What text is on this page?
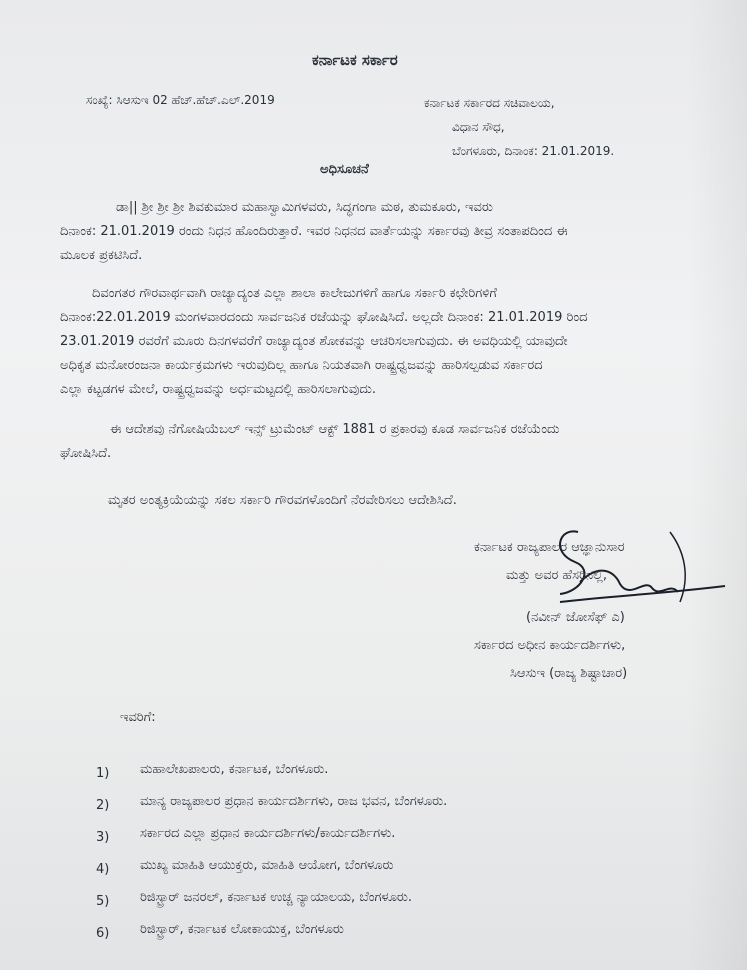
ಕರ್ನಾಟಕ ಸರ್ಕಾರ
ಸಂಖ್ಯೆ: ಸಿಆಸುಇ 02 ಹೆಚ್.ಹೆಚ್.ಎಲ್.2019	ಕರ್ನಾಟಕ ಸರ್ಕಾರದ ಸಚಿವಾಲಯ,
ವಿಧಾನ ಸೌಧ,
ಬೆಂಗಳೂರು, ದಿನಾಂಕ: 21.01.2019.
ಅಧಿಸೂಚನೆ
ಡಾ|| ಶ್ರೀ ಶ್ರೀ ಶ್ರೀ ಶಿವಕುಮಾರ ಮಹಾಸ್ವಾಮಿಗಳವರು, ಸಿದ್ಧಗಂಗಾ ಮಠ, ತುಮಕೂರು, ಇವರು
ದಿನಾಂಕ: 21.01.2019 ರಂದು ನಿಧನ ಹೊಂದಿರುತ್ತಾರೆ. ಇವರ ನಿಧನದ ವಾರ್ತೆಯನ್ನು ಸರ್ಕಾರವು ತೀವ್ರ ಸಂತಾಪದಿಂದ ಈ
ಮೂಲಕ ಪ್ರಕಟಿಸಿದೆ.
ದಿವಂಗತರ ಗೌರವಾರ್ಥವಾಗಿ ರಾಜ್ಯಾದ್ಯಂತ ಎಲ್ಲಾ ಶಾಲಾ ಕಾಲೇಜುಗಳಿಗೆ ಹಾಗೂ ಸರ್ಕಾರಿ ಕಛೇರಿಗಳಿಗೆ
ದಿನಾಂಕ:22.01.2019 ಮಂಗಳವಾರದಂದು ಸಾರ್ವಜನಿಕ ರಜೆಯನ್ನು ಘೋಷಿಸಿದೆ. ಅಲ್ಲದೇ ದಿನಾಂಕ: 21.01.2019 ರಿಂದ
23.01.2019 ರವರೆಗೆ ಮೂರು ದಿನಗಳವರೆಗೆ ರಾಜ್ಯಾದ್ಯಂತ ಶೋಕವನ್ನು ಆಚರಿಸಲಾಗುವುದು. ಈ ಅವಧಿಯಲ್ಲಿ ಯಾವುದೇ
ಅಧಿಕೃತ ಮನೋರಂಜನಾ ಕಾರ್ಯಕ್ರಮಗಳು ಇರುವುದಿಲ್ಲ ಹಾಗೂ ನಿಯತವಾಗಿ ರಾಷ್ಟ್ರಧ್ವಜವನ್ನು ಹಾರಿಸಲ್ಪಡುವ ಸರ್ಕಾರದ
ಎಲ್ಲಾ ಕಟ್ಟಡಗಳ ಮೇಲೆ, ರಾಷ್ಟ್ರಧ್ವಜವನ್ನು ಅರ್ಧಮಟ್ಟದಲ್ಲಿ ಹಾರಿಸಲಾಗುವುದು.
ಈ ಆದೇಶವು ನೆಗೋಷಿಯೆಬಲ್ ಇನ್ಸ್ ಟ್ರುಮೆಂಟ್ ಆಕ್ಟ್ 1881 ರ ಪ್ರಕಾರವು ಕೂಡ ಸಾರ್ವಜನಿಕ ರಜೆಯೆಂದು
ಘೋಷಿಸಿದೆ.
ಮೃತರ ಅಂತ್ಯಕ್ರಿಯೆಯನ್ನು ಸಕಲ ಸರ್ಕಾರಿ ಗೌರವಗಳೊಂದಿಗೆ ನೆರವೇರಿಸಲು ಆದೇಶಿಸಿದೆ.
ಕರ್ನಾಟಕ ರಾಜ್ಯಪಾಲರ ಆಜ್ಞಾನುಸಾರ
ಮತ್ತು ಅವರ ಹೆಸರಿನಲ್ಲಿ,
(ನವೀನ್ ಜೋಸೆಫ್ ಎ)
ಸರ್ಕಾರದ ಅಧೀನ ಕಾರ್ಯದರ್ಶಿಗಳು,
ಸಿಆಸುಇ (ರಾಜ್ಯ ಶಿಷ್ಟಾಚಾರ)
ಇವರಿಗೆ:
1) ಮಹಾಲೇಖಪಾಲರು, ಕರ್ನಾಟಕ, ಬೆಂಗಳೂರು.
2) ಮಾನ್ಯ ರಾಜ್ಯಪಾಲರ ಪ್ರಧಾನ ಕಾರ್ಯದರ್ಶಿಗಳು, ರಾಜ ಭವನ, ಬೆಂಗಳೂರು.
3) ಸರ್ಕಾರದ ಎಲ್ಲಾ ಪ್ರಧಾನ ಕಾರ್ಯದರ್ಶಿಗಳು/ಕಾರ್ಯದರ್ಶಿಗಳು.
4) ಮುಖ್ಯ ಮಾಹಿತಿ ಆಯುಕ್ತರು, ಮಾಹಿತಿ ಆಯೋಗ, ಬೆಂಗಳೂರು
5) ರಿಜಿಸ್ಟ್ರಾರ್ ಜನರಲ್, ಕರ್ನಾಟಕ ಉಚ್ಚ ನ್ಯಾಯಾಲಯ, ಬೆಂಗಳೂರು.
6) ರಿಜಿಸ್ಟ್ರಾರ್, ಕರ್ನಾಟಕ ಲೋಕಾಯುಕ್ತ, ಬೆಂಗಳೂರು
